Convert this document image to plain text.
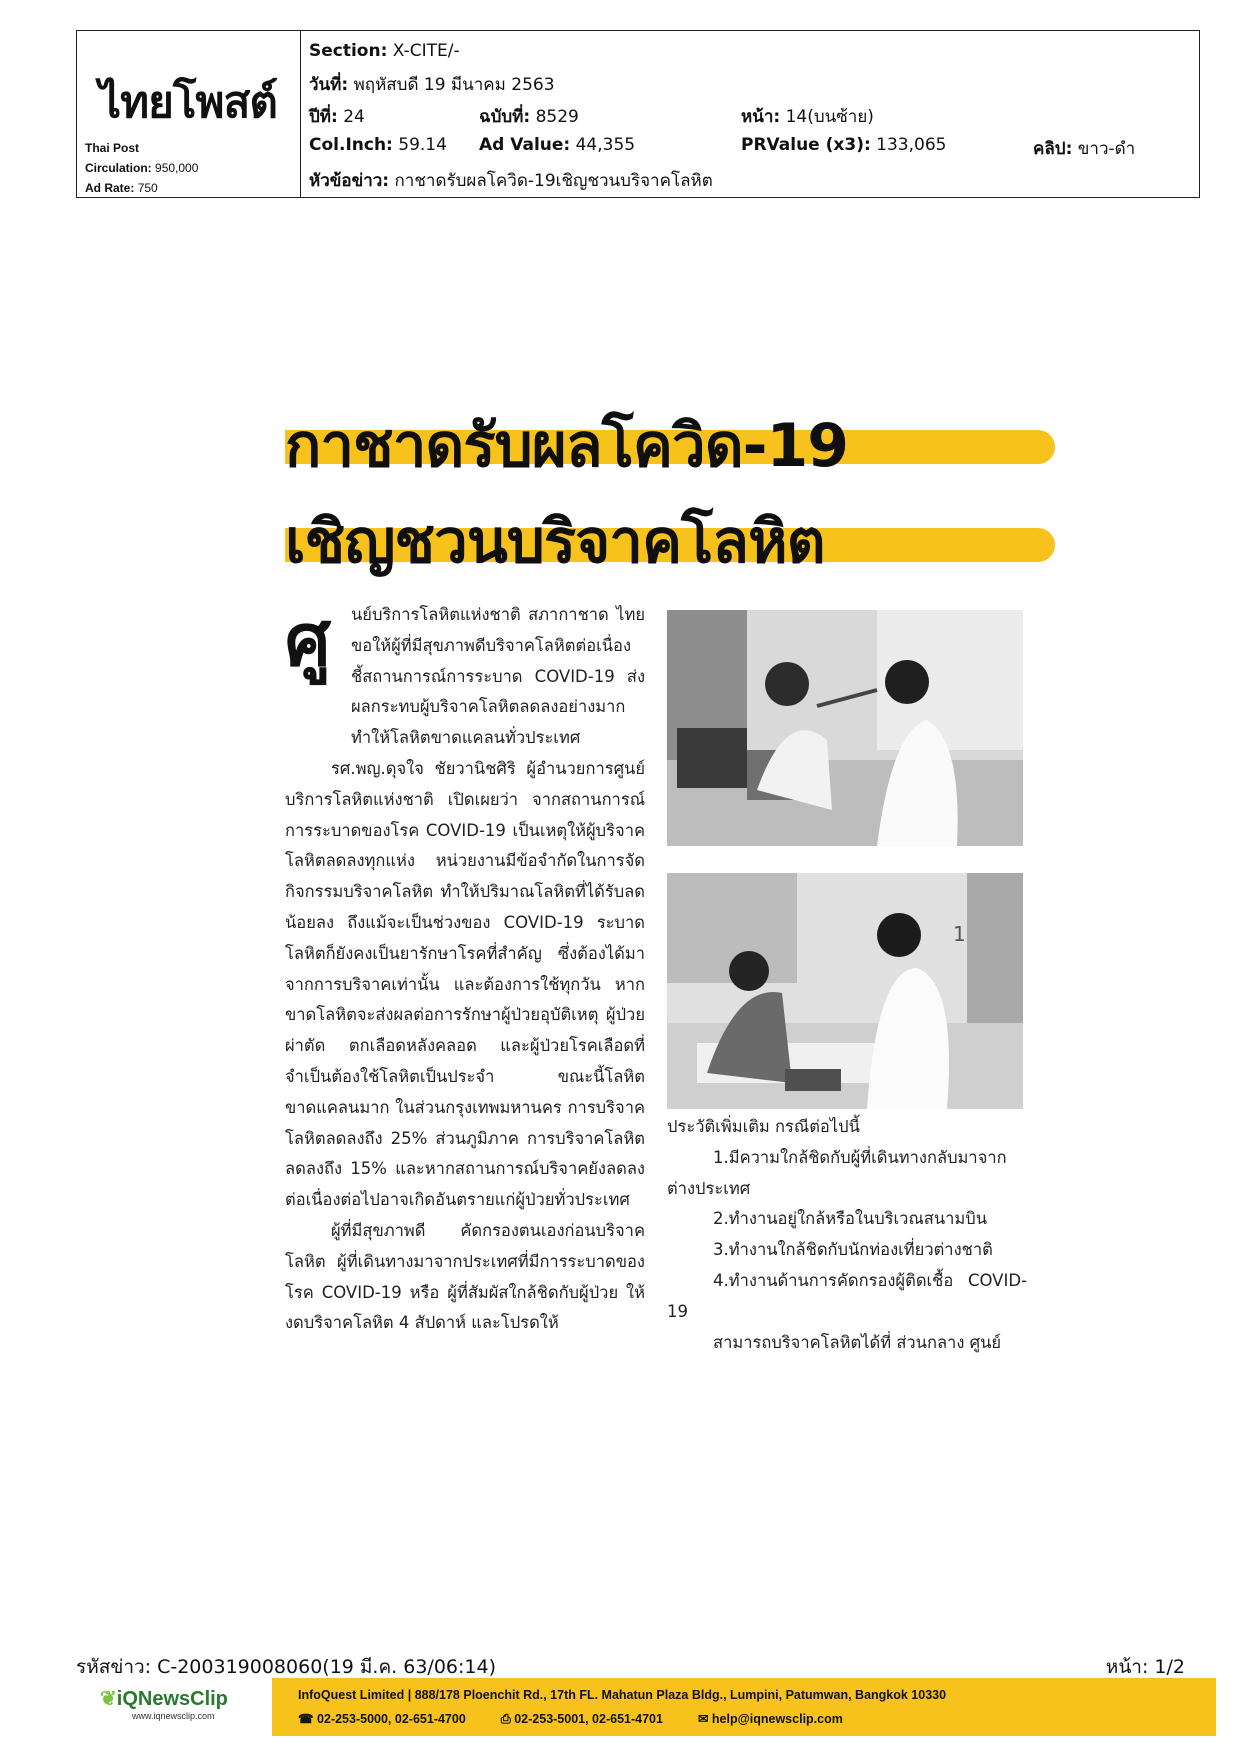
ไทยโพสต์
Thai Post
Circulation: 950,000
Ad Rate: 750
Section: X-CITE/-
วันที่: พฤหัสบดี 19 มีนาคม 2563
ปีที่: 24	ฉบับที่: 8529	หน้า: 14(บนซ้าย)
Col.Inch: 59.14 Ad Value: 44,355	PRValue (x3): 133,065	คลิป: ขาว-ดำ
หัวข้อข่าว: กาชาดรับผลโควิด-19เชิญชวนบริจาคโลหิต
กาชาดรับผลโควิด-19
เชิญชวนบริจาคโลหิต
ศู	นย์บริการโลหิตแห่งชาติ สภากาชาด ไทย ขอให้ผู้ที่มีสุขภาพดีบริจาคโลหิตต่อเนื่อง ชี้สถานการณ์การระบาด COVID-19 ส่งผลกระทบผู้บริจาคโลหิตลดลงอย่างมาก ทำให้โลหิตขาดแคลนทั่วประเทศ

รศ.พญ.ดุจใจ ชัยวานิชศิริ ผู้อำนวยการศูนย์บริการโลหิตแห่งชาติ เปิดเผยว่า จากสถานการณ์การระบาดของโรค COVID-19 เป็นเหตุให้ผู้บริจาคโลหิตลดลงทุกแห่ง หน่วยงานมีข้อจำกัดในการจัดกิจกรรมบริจาคโลหิต ทำให้ปริมาณโลหิตที่ได้รับลดน้อยลง ถึงแม้จะเป็นช่วงของ COVID-19 ระบาด โลหิตก็ยังคงเป็นยารักษาโรคที่สำคัญ ซึ่งต้องได้มาจากการบริจาคเท่านั้น และต้องการใช้ทุกวัน หากขาดโลหิตจะส่งผลต่อการรักษาผู้ป่วยอุบัติเหตุ ผู้ป่วยผ่าตัด ตกเลือดหลังคลอด และผู้ป่วยโรคเลือดที่จำเป็นต้องใช้โลหิตเป็นประจำ ขณะนี้โลหิตขาดแคลนมาก ในส่วนกรุงเทพมหานคร การบริจาคโลหิตลดลงถึง 25% ส่วนภูมิภาค การบริจาคโลหิตลดลงถึง 15% และหากสถานการณ์บริจาคยังลดลงต่อเนื่องต่อไปอาจเกิดอันตรายแก่ผู้ป่วยทั่วประเทศ

ผู้ที่มีสุขภาพดี คัดกรองตนเองก่อนบริจาคโลหิต ผู้ที่เดินทางมาจากประเทศที่มีการระบาดของโรค COVID-19 หรือ ผู้ที่สัมผัสใกล้ชิดกับผู้ป่วย ให้งดบริจาคโลหิต 4 สัปดาห์ และโปรดให้

ประวัติเพิ่มเติม กรณีต่อไปนี้

1.มีความใกล้ชิดกับผู้ที่เดินทางกลับมาจากต่างประเทศ

2.ทำงานอยู่ใกล้หรือในบริเวณสนามบิน

3.ทำงานใกล้ชิดกับนักท่องเที่ยวต่างชาติ

4.ทำงานด้านการคัดกรองผู้ติดเชื้อ COVID-19

สามารถบริจาคโลหิตได้ที่ ส่วนกลาง ศูนย์

1
รหัสข่าว: C-200319008060(19 มี.ค. 63/06:14)	หน้า: 1/2
❦iQNewsClip
www.iqnewsclip.com
InfoQuest Limited | 888/178 Ploenchit Rd., 17th FL. Mahatun Plaza Bldg., Lumpini, Patumwan, Bangkok 10330
☎ 02-253-5000, 02-651-4700	⎙ 02-253-5001, 02-651-4701	✉ help@iqnewsclip.com
